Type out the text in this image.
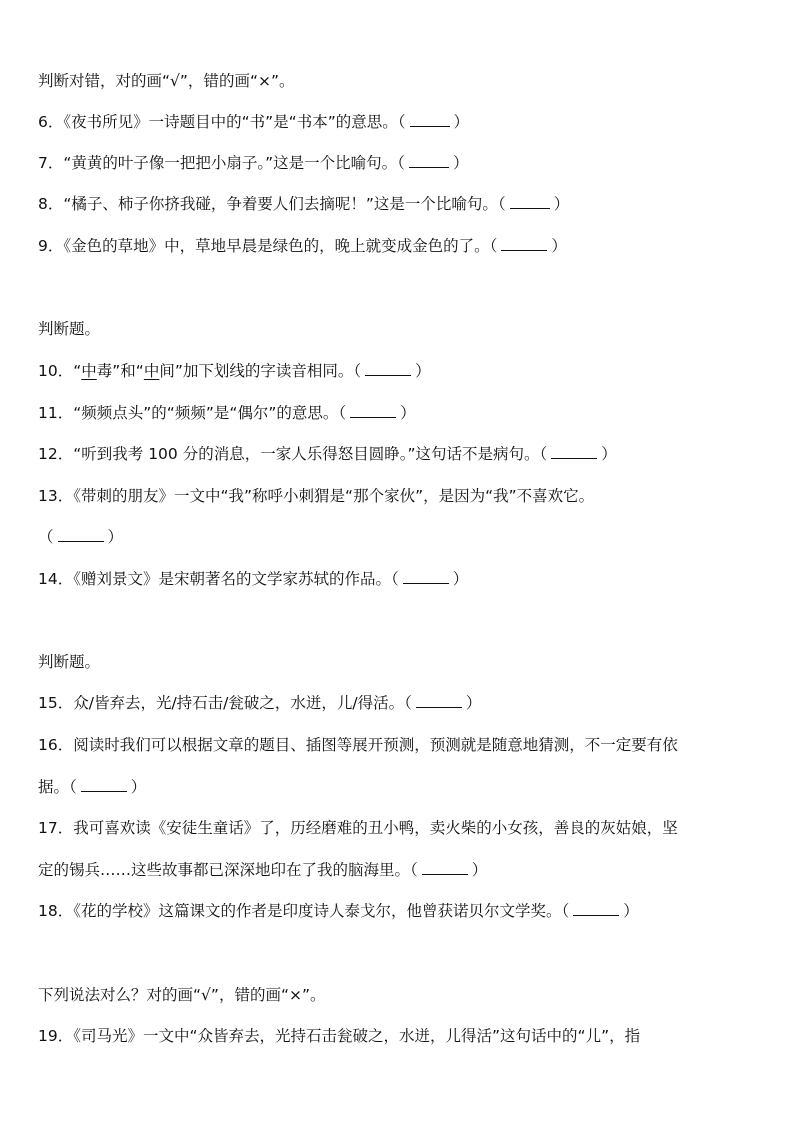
判断对错，对的画“√”，错的画“×”。
6．《夜书所见》一诗题目中的“书”是“书本”的意思。（	）
7．“黄黄的叶子像一把把小扇子。”这是一个比喻句。（	）
8．“橘子、柿子你挤我碰，争着要人们去摘呢！”这是一个比喻句。（	）
9．《金色的草地》中，草地早晨是绿色的，晚上就变成金色的了。（	）
判断题。
10．“中毒”和“中间”加下划线的字读音相同。（	）
11．“频频点头”的“频频”是“偶尔”的意思。（	）
12．“听到我考 100 分的消息，一家人乐得怒目圆睁。”这句话不是病句。（	）
13．《带刺的朋友》一文中“我”称呼小刺猬是“那个家伙”，是因为“我”不喜欢它。
（	）
14．《赠刘景文》是宋朝著名的文学家苏轼的作品。（	）
判断题。
15．众/皆弃去，光/持石击/瓮破之，水迸，儿/得活。（	）
16．阅读时我们可以根据文章的题目、插图等展开预测，预测就是随意地猜测，不一定要有依
据。（	）
17．我可喜欢读《安徒生童话》了，历经磨难的丑小鸭，卖火柴的小女孩，善良的灰姑娘，坚
定的锡兵……这些故事都已深深地印在了我的脑海里。（	）
18．《花的学校》这篇课文的作者是印度诗人泰戈尔，他曾获诺贝尔文学奖。（	）
下列说法对么？对的画“√”，错的画“×”。
19．《司马光》一文中“众皆弃去，光持石击瓮破之，水迸，儿得活”这句话中的“儿”，指
